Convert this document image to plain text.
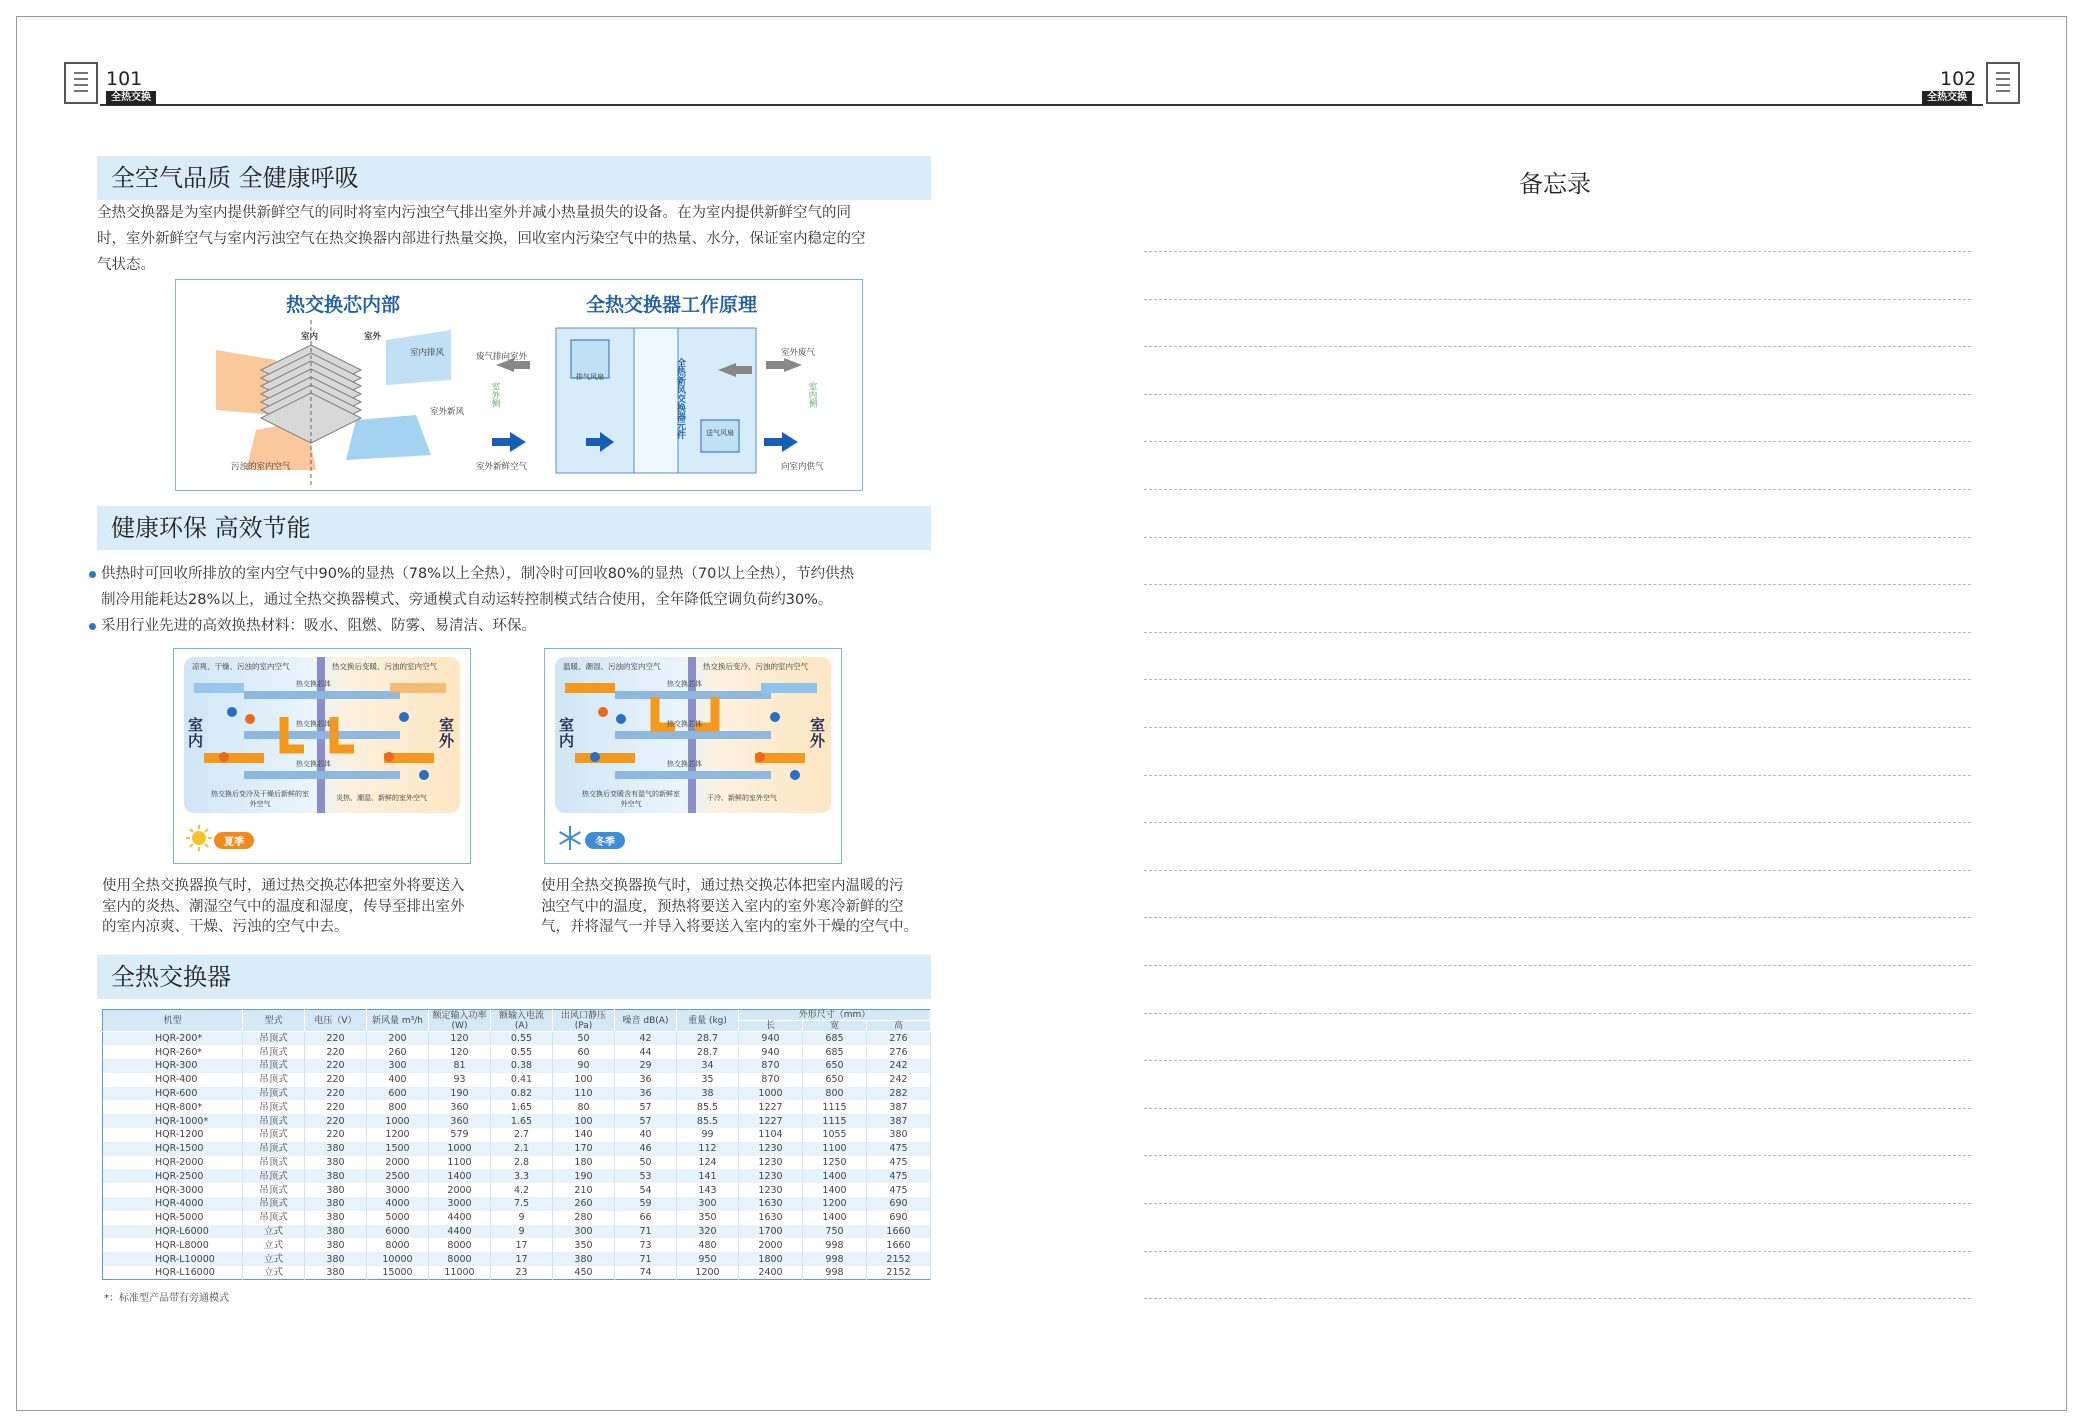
101
全热交换
102
全热交换
全空气品质 全健康呼吸
全热交换器是为室内提供新鲜空气的同时将室内污浊空气排出室外并减小热量损失的设备。在为室内提供新鲜空气的同
时，室外新鲜空气与室内污浊空气在热交换器内部进行热量交换，回收室内污染空气中的热量、水分，保证室内稳定的空
气状态。
热交换芯内部
室内	室外
室内排风
室外新风
污浊的室内空气
全热交换器工作原理
废气排向室外	室外废气
室外侧	室内侧
排气风扇
送气风扇
室外新鲜空气	向室内供气
全热新风交换器元件
健康环保 高效节能
供热时可回收所排放的室内空气中90%的显热（78%以上全热），制冷时可回收80%的显热（70以上全热），节约供热
制冷用能耗达28%以上，通过全热交换器模式、旁通模式自动运转控制模式结合使用，全年降低空调负荷约30%。
采用行业先进的高效换热材料：吸水、阻燃、防雾、易清洁、环保。
凉爽、干燥、污浊的室内空气	热交换后变暖、污浊的室内空气
热交换芯体
热交换芯体
热交换芯体
热交换后变冷及干燥后新鲜的室外空气
炎热、潮湿、新鲜的室外空气
室内
室外
夏季
使用全热交换器换气时，通过热交换芯体把室外将要送入
室内的炎热、潮湿空气中的温度和湿度，传导至排出室外
的室内凉爽、干燥、污浊的空气中去。
温暖、潮湿、污浊的室内空气	热交换后变冷、污浊的室内空气
热交换芯体
热交换芯体
热交换芯体
热交换后变暖含有湿气的新鲜室外空气
干冷、新鲜的室外空气
室内
室外
冬季
使用全热交换器换气时，通过热交换芯体把室内温暖的污
浊空气中的温度，预热将要送入室内的室外寒冷新鲜的空
气，并将湿气一并导入将要送入室内的室外干燥的空气中。
全热交换器
机型	型式	电压（V）	新风量 m³/h	额定输入功率 (W)	额输入电流 (A)	出风口静压 (Pa)	噪音 dB(A)	重量 (kg)	外形尺寸（mm）		
									长	宽	高
HQR-200*	吊顶式	220	200	120	0.55	50	42	28.7	940	685	276
HQR-260*	吊顶式	220	260	120	0.55	60	44	28.7	940	685	276
HQR-300	吊顶式	220	300	81	0.38	90	29	34	870	650	242
HQR-400	吊顶式	220	400	93	0.41	100	36	35	870	650	242
HQR-600	吊顶式	220	600	190	0.82	110	36	38	1000	800	282
HQR-800*	吊顶式	220	800	360	1.65	80	57	85.5	1227	1115	387
HQR-1000*	吊顶式	220	1000	360	1.65	100	57	85.5	1227	1115	387
HQR-1200	吊顶式	220	1200	579	2.7	140	40	99	1104	1055	380
HQR-1500	吊顶式	380	1500	1000	2.1	170	46	112	1230	1100	475
HQR-2000	吊顶式	380	2000	1100	2.8	180	50	124	1230	1250	475
HQR-2500	吊顶式	380	2500	1400	3.3	190	53	141	1230	1400	475
HQR-3000	吊顶式	380	3000	2000	4.2	210	54	143	1230	1400	475
HQR-4000	吊顶式	380	4000	3000	7.5	260	59	300	1630	1200	690
HQR-5000	吊顶式	380	5000	4400	9	280	66	350	1630	1400	690
HQR-L6000	立式	380	6000	4400	9	300	71	320	1700	750	1660
HQR-L8000	立式	380	8000	8000	17	350	73	480	2000	998	1660
HQR-L10000	立式	380	10000	8000	17	380	71	950	1800	998	2152
HQR-L16000	立式	380	15000	11000	23	450	74	1200	2400	998	2152
*：标准型产品带有旁通模式
备忘录
